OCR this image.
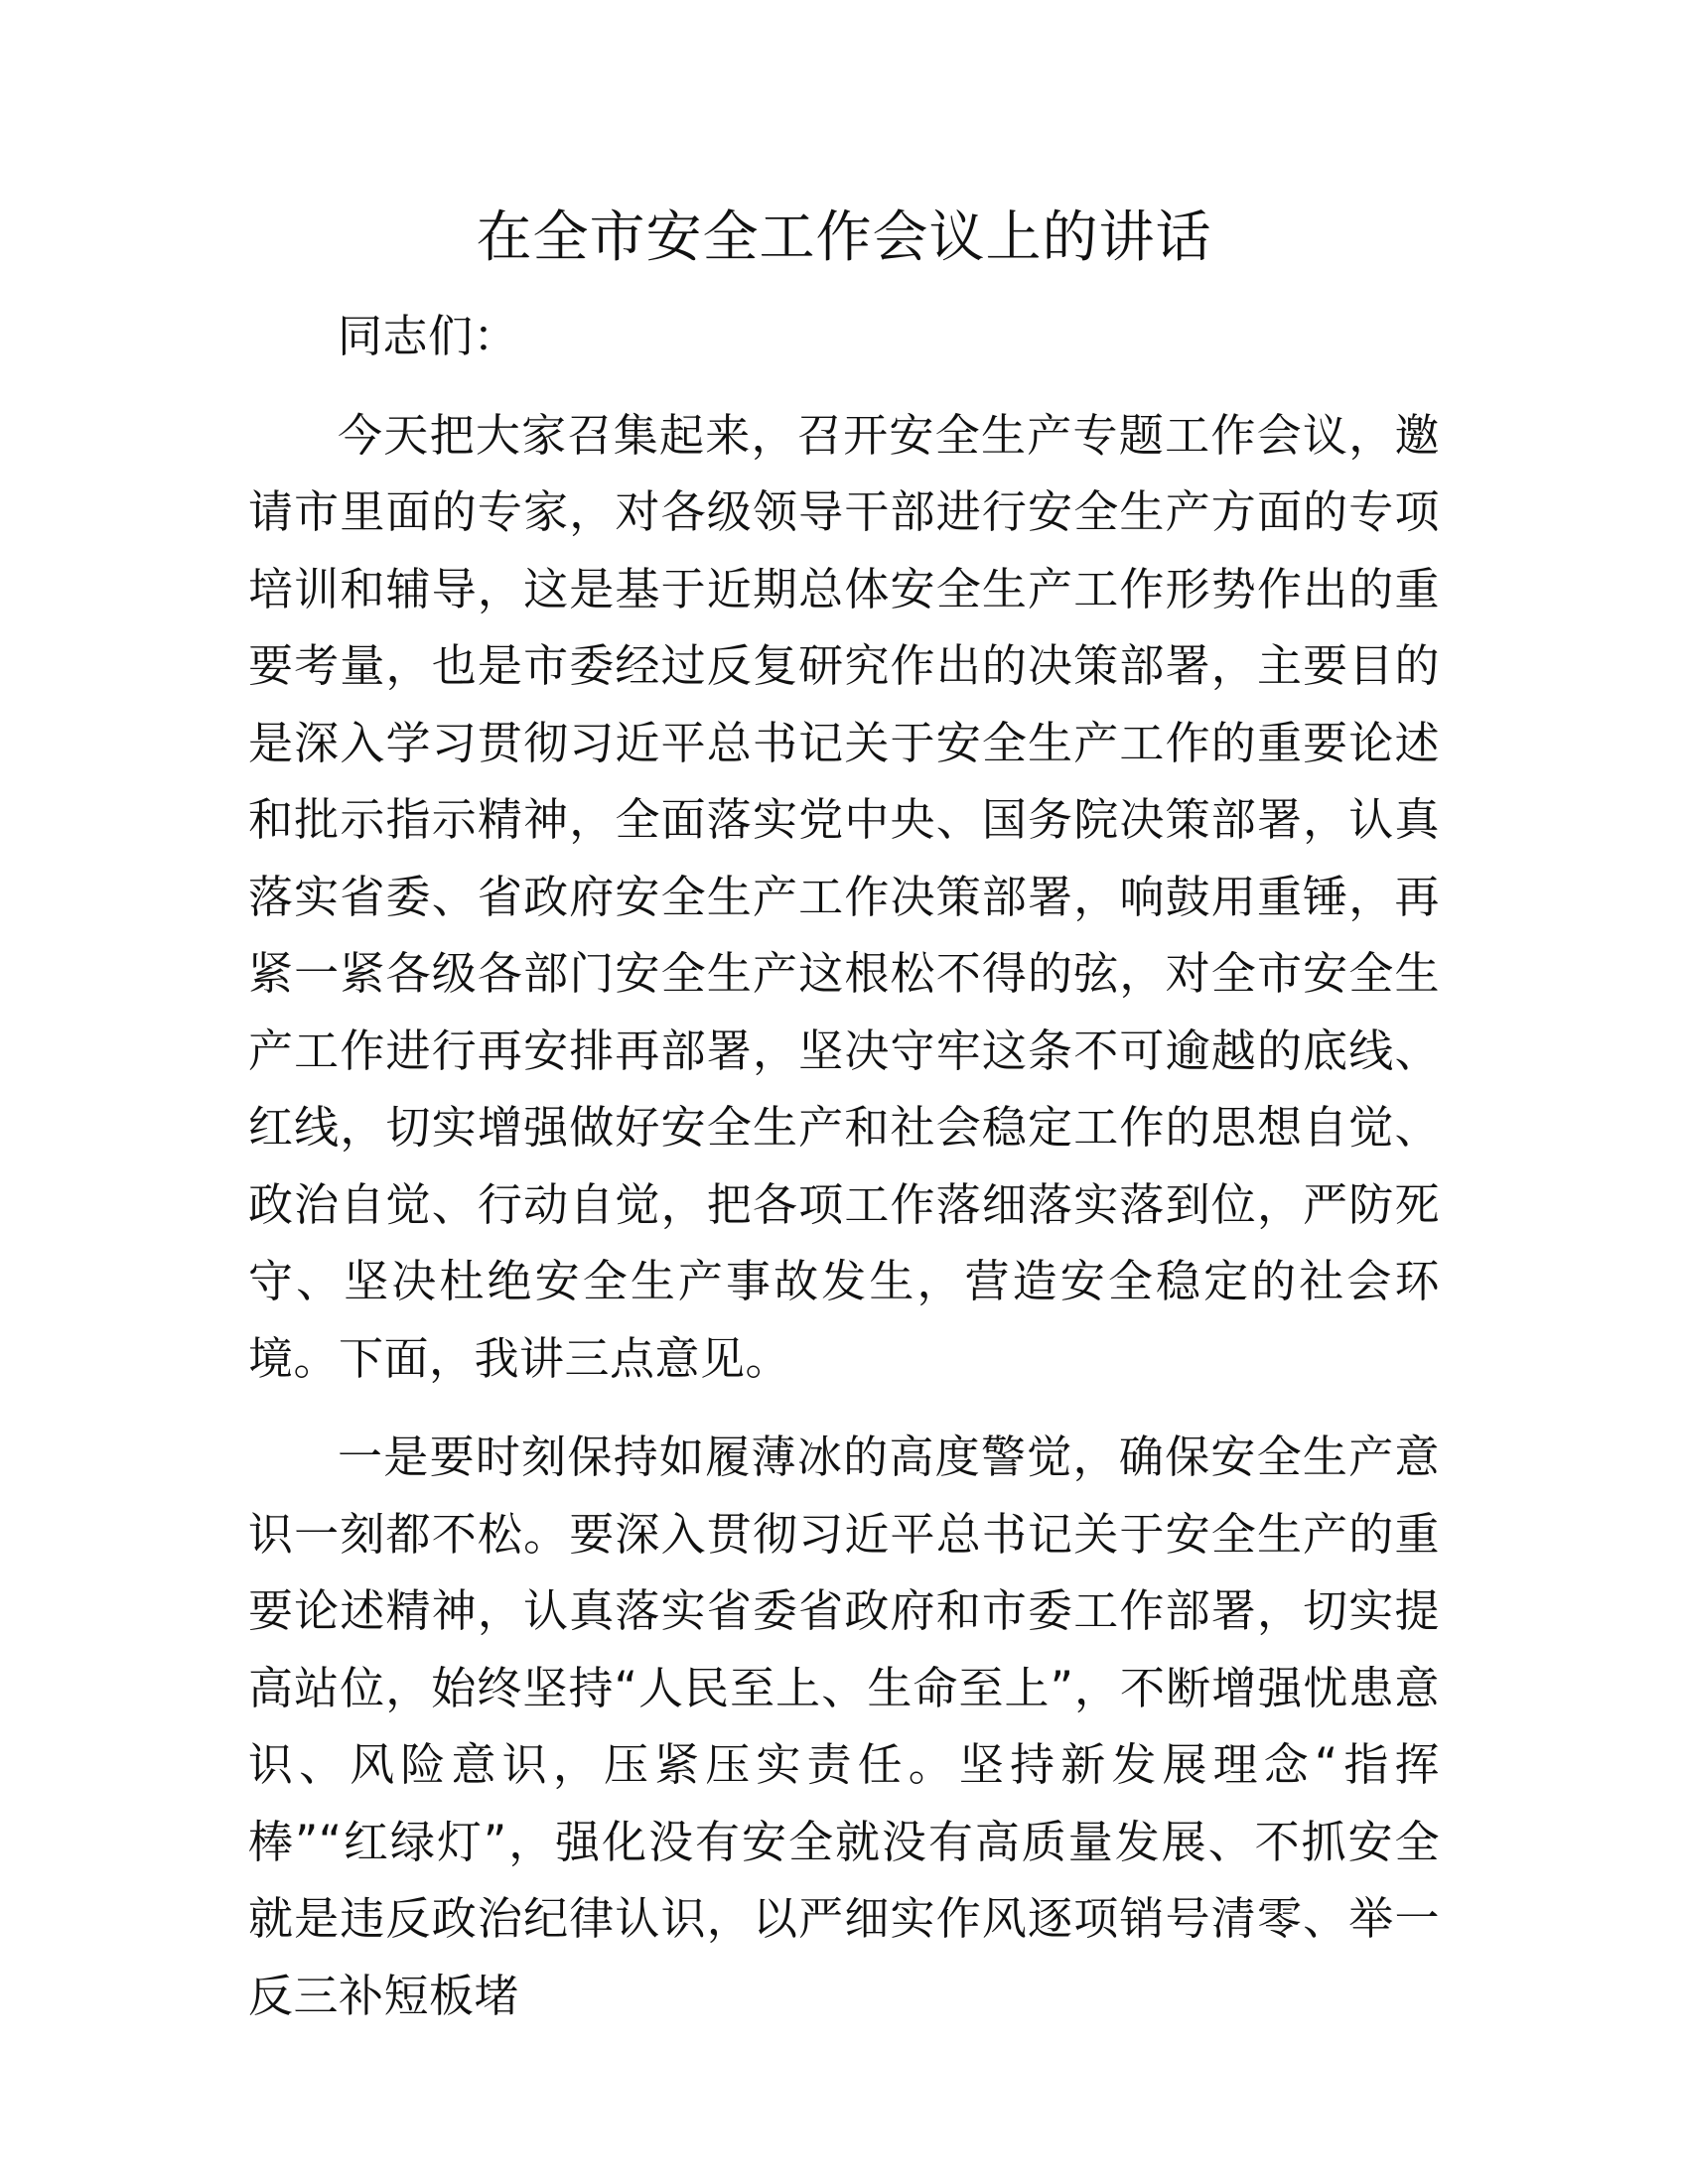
在全市安全工作会议上的讲话

同志们：

今天把大家召集起来，召开安全生产专题工作会议，邀请市里面的专家，对各级领导干部进行安全生产方面的专项培训和辅导，这是基于近期总体安全生产工作形势作出的重要考量，也是市委经过反复研究作出的决策部署，主要目的是深入学习贯彻习近平总书记关于安全生产工作的重要论述和批示指示精神，全面落实党中央、国务院决策部署，认真落实省委、省政府安全生产工作决策部署，响鼓用重锤，再紧一紧各级各部门安全生产这根松不得的弦，对全市安全生产工作进行再安排再部署，坚决守牢这条不可逾越的底线、红线，切实增强做好安全生产和社会稳定工作的思想自觉、政治自觉、行动自觉，把各项工作落细落实落到位，严防死守、坚决杜绝安全生产事故发生，营造安全稳定的社会环境。下面，我讲三点意见。

一是要时刻保持如履薄冰的高度警觉，确保安全生产意识一刻都不松。要深入贯彻习近平总书记关于安全生产的重要论述精神，认真落实省委省政府和市委工作部署，切实提高站位，始终坚持“人民至上、生命至上”，不断增强忧患意识、风险意识，压紧压实责任。坚持新发展理念“指挥棒”“红绿灯”，强化没有安全就没有高质量发展、不抓安全就是违反政治纪律认识，以严细实作风逐项销号清零、举一反三补短板堵
